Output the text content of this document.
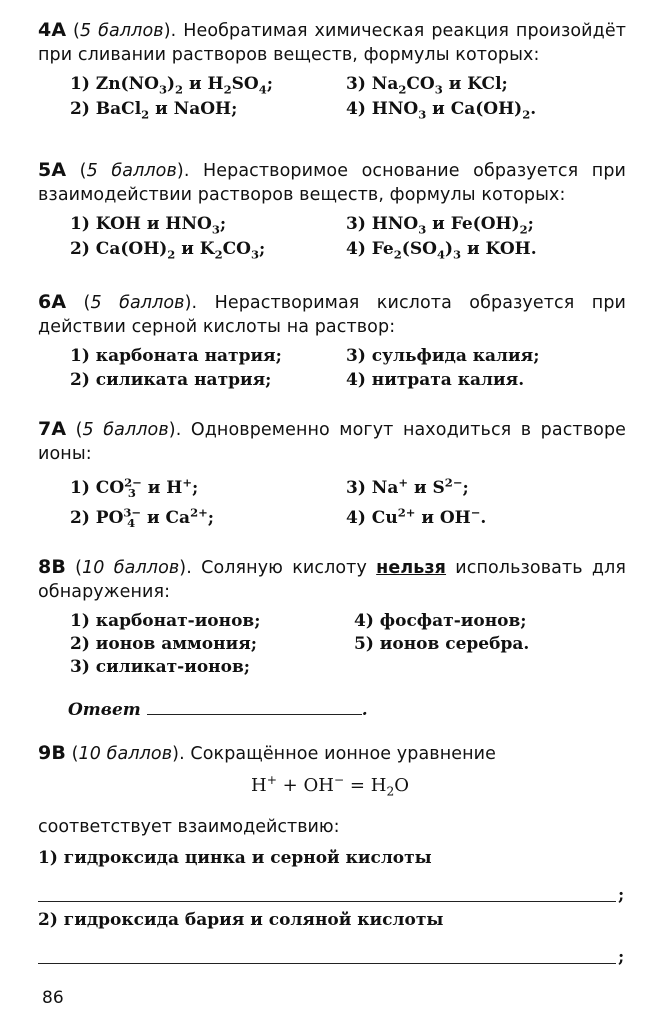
4А (5 баллов). Необратимая химическая реакция произойдёт при сливании растворов веществ, формулы которых:
1) $Zn(NO_3)_2$ и $H_2SO_4$;	3) $Na_2CO_3$ и KCl;
2) BaCl$_2$ и NaOH;	4) $HNO_3$ и $Ca(OH)_2$.
5А (5 баллов). Нерастворимое основание образуется при взаимодействии растворов веществ, формулы которых:
1) KOH и $HNO_3$;	3) $HNO_3$ и $Fe(OH)_2$;
2) $Ca(OH)_2$ и $K_2CO_3$;	4) $Fe_2(SO_4)_3$ и KOH.
6А (5 баллов). Нерастворимая кислота образуется при действии серной кислоты на раствор:
1) карбоната натрия;	3) сульфида калия;
2) силиката натрия;	4) нитрата калия.
7А (5 баллов). Одновременно могут находиться в растворе ионы:
1) $CO^{2-}_3$  и H+;	3) Na+ и $S^{2-}$;
2) $PO^{3-}_4$  и $Ca^{2+}$;	4) $Cu^{2+}$ и OH−.
8В (10 баллов). Соляную кислоту нельзя использовать для обнаружения:
1) карбонат-ионов;	4) фосфат-ионов;
2) ионов аммония;	5) ионов серебра.
3) силикат-ионов;
Ответ	.
9В (10 баллов). Сокращённое ионное уравнение
$H^+ + OH^- = H_2O$
соответствует взаимодействию:
1) гидроксида цинка и серной кислоты
;
2) гидроксида бария и соляной кислоты
;
86
